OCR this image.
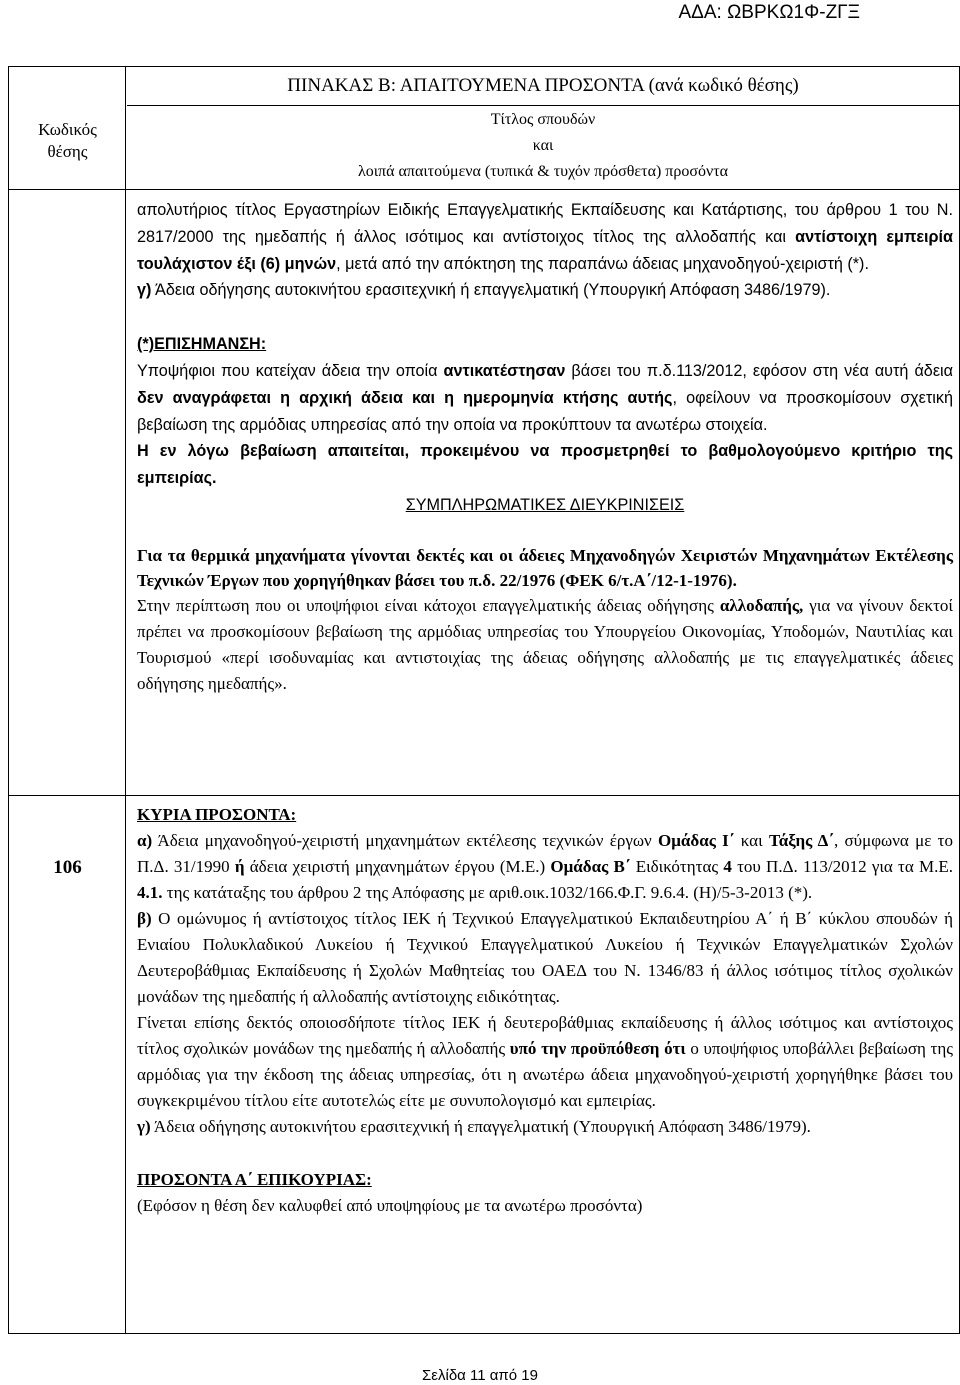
ΑΔΑ: ΩΒΡΚΩ1Φ-ΖΓΞ
ΠΙΝΑΚΑΣ Β: ΑΠΑΙΤΟΥΜΕΝΑ ΠΡΟΣΟΝΤΑ (ανά κωδικό θέσης)
Κωδικός
θέσης
Τίτλος σπουδών
και
λοιπά απαιτούμενα (τυπικά & τυχόν πρόσθετα) προσόντα
106

απολυτήριος τίτλος Εργαστηρίων Ειδικής Επαγγελματικής Εκπαίδευσης και Κατάρτισης, του άρθρου 1 του Ν. 2817/2000 της ημεδαπής ή άλλος ισότιμος και αντίστοιχος τίτλος της αλλοδαπής και αντίστοιχη εμπειρία τουλάχιστον έξι (6) μηνών, μετά από την απόκτηση της παραπάνω άδειας μηχανοδηγού-χειριστή (*).

γ) Άδεια οδήγησης αυτοκινήτου ερασιτεχνική ή επαγγελματική (Υπουργική Απόφαση 3486/1979).

(*)ΕΠΙΣΗΜΑΝΣΗ:

Υποψήφιοι που κατείχαν άδεια την οποία αντικατέστησαν βάσει του π.δ.113/2012, εφόσον στη νέα αυτή άδεια δεν αναγράφεται η αρχική άδεια και η ημερομηνία κτήσης αυτής, οφείλουν να προσκομίσουν σχετική βεβαίωση της αρμόδιας υπηρεσίας από την οποία να προκύπτουν τα ανωτέρω στοιχεία.

Η εν λόγω βεβαίωση απαιτείται, προκειμένου να προσμετρηθεί το βαθμολογούμενο κριτήριο της εμπειρίας.

ΣΥΜΠΛΗΡΩΜΑΤΙΚΕΣ ΔΙΕΥΚΡΙΝΙΣΕΙΣ

Για τα θερμικά μηχανήματα γίνονται δεκτές και οι άδειες Μηχανοδηγών Χειριστών Μηχανημάτων Εκτέλεσης Τεχνικών Έργων που χορηγήθηκαν βάσει του π.δ. 22/1976 (ΦΕΚ 6/τ.Α΄/12-1-1976).

Στην περίπτωση που οι υποψήφιοι είναι κάτοχοι επαγγελματικής άδειας οδήγησης αλλοδαπής, για να γίνουν δεκτοί πρέπει να προσκομίσουν βεβαίωση της αρμόδιας υπηρεσίας του Υπουργείου Οικονομίας, Υποδομών, Ναυτιλίας και Τουρισμού «περί ισοδυναμίας και αντιστοιχίας της άδειας οδήγησης αλλοδαπής με τις επαγγελματικές άδειες οδήγησης ημεδαπής».

ΚΥΡΙΑ ΠΡΟΣΟΝΤΑ:

α) Άδεια μηχανοδηγού-χειριστή μηχανημάτων εκτέλεσης τεχνικών έργων Ομάδας Ι΄ και Τάξης Δ΄, σύμφωνα με το Π.Δ. 31/1990 ή άδεια χειριστή μηχανημάτων έργου (Μ.Ε.) Ομάδας Β΄ Ειδικότητας 4 του Π.Δ. 113/2012 για τα Μ.Ε. 4.1. της κατάταξης του άρθρου 2 της Απόφασης με αριθ.οικ.1032/166.Φ.Γ. 9.6.4. (Η)/5-3-2013 (*).

β) Ο ομώνυμος ή αντίστοιχος τίτλος ΙΕΚ ή Τεχνικού Επαγγελματικού Εκπαιδευτηρίου Α΄ ή Β΄ κύκλου σπουδών ή Ενιαίου Πολυκλαδικού Λυκείου ή Τεχνικού Επαγγελματικού Λυκείου ή Τεχνικών Επαγγελματικών Σχολών Δευτεροβάθμιας Εκπαίδευσης ή Σχολών Μαθητείας του ΟΑΕΔ του Ν. 1346/83 ή άλλος ισότιμος τίτλος σχολικών μονάδων της ημεδαπής ή αλλοδαπής αντίστοιχης ειδικότητας.

Γίνεται επίσης δεκτός οποιοσδήποτε τίτλος ΙΕΚ ή δευτεροβάθμιας εκπαίδευσης ή άλλος ισότιμος και αντίστοιχος τίτλος σχολικών μονάδων της ημεδαπής ή αλλοδαπής υπό την προϋπόθεση ότι ο υποψήφιος υποβάλλει βεβαίωση της αρμόδιας για την έκδοση της άδειας υπηρεσίας, ότι η ανωτέρω άδεια μηχανοδηγού-χειριστή χορηγήθηκε βάσει του συγκεκριμένου τίτλου είτε αυτοτελώς είτε με συνυπολογισμό και εμπειρίας.

γ) Άδεια οδήγησης αυτοκινήτου ερασιτεχνική ή επαγγελματική (Υπουργική Απόφαση 3486/1979).

ΠΡΟΣΟΝΤΑ Α΄ ΕΠΙΚΟΥΡΙΑΣ:

(Εφόσον η θέση δεν καλυφθεί από υποψηφίους με τα ανωτέρω προσόντα)

Σελίδα 11 από 19
